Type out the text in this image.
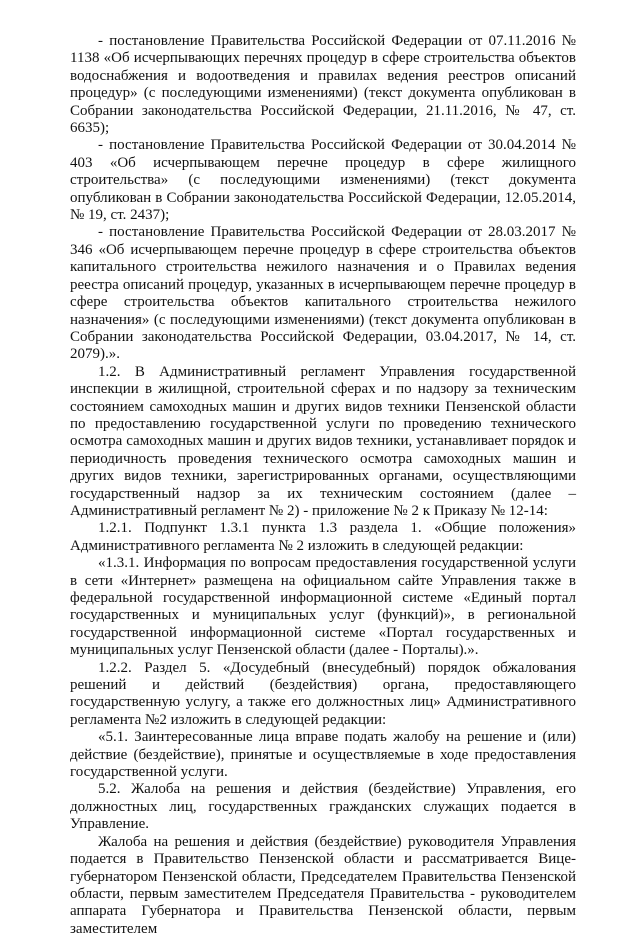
- постановление Правительства Российской Федерации от 07.11.2016 № 1138 «Об исчерпывающих перечнях процедур в сфере строительства объектов водоснабжения и водоотведения и правилах ведения реестров описаний процедур» (с последующими изменениями) (текст документа опубликован в Собрании законодательства Российской Федерации, 21.11.2016, № 47, ст. 6635);

- постановление Правительства Российской Федерации от 30.04.2014 № 403 «Об исчерпывающем перечне процедур в сфере жилищного строительства» (с последующими изменениями) (текст документа опубликован в Собрании законодательства Российской Федерации, 12.05.2014, № 19, ст. 2437);

- постановление Правительства Российской Федерации от 28.03.2017 № 346 «Об исчерпывающем перечне процедур в сфере строительства объектов капитального строительства нежилого назначения и о Правилах ведения реестра описаний процедур, указанных в исчерпывающем перечне процедур в сфере строительства объектов капитального строительства нежилого назначения» (с последующими изменениями) (текст документа опубликован в Собрании законодательства Российской Федерации, 03.04.2017, № 14, ст. 2079).».

1.2. В Административный регламент Управления государственной инспекции в жилищной, строительной сферах и по надзору за техническим состоянием самоходных машин и других видов техники Пензенской области по предоставлению государственной услуги по проведению технического осмотра самоходных машин и других видов техники, устанавливает порядок и периодичность проведения технического осмотра самоходных машин и других видов техники, зарегистрированных органами, осуществляющими государственный надзор за их техническим состоянием (далее – Административный регламент № 2) - приложение № 2 к Приказу № 12-14:

1.2.1. Подпункт 1.3.1 пункта 1.3 раздела 1. «Общие положения» Административного регламента № 2 изложить в следующей редакции:

«1.3.1. Информация по вопросам предоставления государственной услуги в сети «Интернет» размещена на официальном сайте Управления также в федеральной государственной информационной системе «Единый портал государственных и муниципальных услуг (функций)», в региональной государственной информационной системе «Портал государственных и муниципальных услуг Пензенской области (далее - Порталы).».

1.2.2. Раздел 5. «Досудебный (внесудебный) порядок обжалования решений и действий (бездействия) органа, предоставляющего государственную услугу, а также его должностных лиц» Административного регламента №2 изложить в следующей редакции:

«5.1. Заинтересованные лица вправе подать жалобу на решение и (или) действие (бездействие), принятые и осуществляемые в ходе предоставления государственной услуги.

5.2. Жалоба на решения и действия (бездействие) Управления, его должностных лиц, государственных гражданских служащих подается в Управление.

Жалоба на решения и действия (бездействие) руководителя Управления подается в Правительство Пензенской области и рассматривается Вице-губернатором Пензенской области, Председателем Правительства Пензенской области, первым заместителем Председателя Правительства - руководителем аппарата Губернатора и Правительства Пензенской области, первым заместителем
